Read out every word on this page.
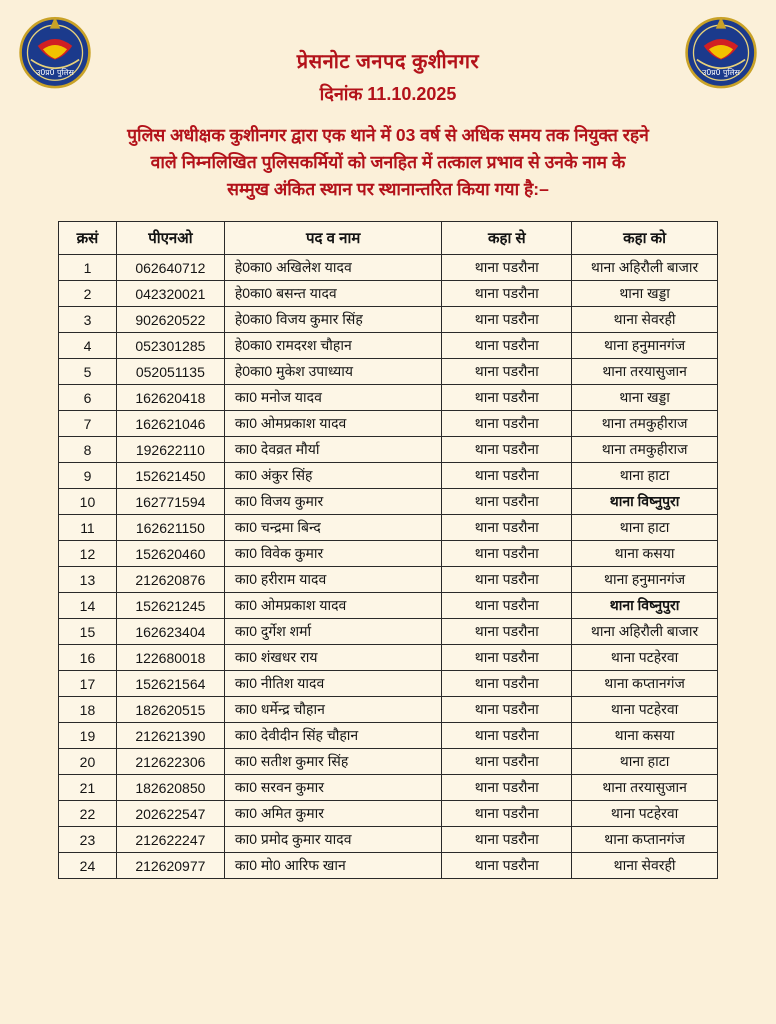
उ0प्र0 पुलिस	उ0प्र0 पुलिस
प्रेसनोट जनपद कुशीनगर
दिनांक 11.10.2025
पुलिस अधीक्षक कुशीनगर द्वारा एक थाने में 03 वर्ष से अधिक समय तक नियुक्त रहने
वाले निम्नलिखित पुलिसकर्मियों को जनहित में तत्काल प्रभाव से उनके नाम के
सम्मुख अंकित स्थान पर स्थानान्तरित किया गया है:–
क्रसं	पीएनओ	पद व नाम	कहा से	कहा को
1	062640712	हे0का0 अखिलेश यादव	थाना पडरौना	थाना अहिरौली बाजार
2	042320021	हे0का0 बसन्त यादव	थाना पडरौना	थाना खड्डा
3	902620522	हे0का0 विजय कुमार सिंह	थाना पडरौना	थाना सेवरही
4	052301285	हे0का0 रामदरश चौहान	थाना पडरौना	थाना हनुमानगंज
5	052051135	हे0का0 मुकेश उपाध्याय	थाना पडरौना	थाना तरयासुजान
6	162620418	का0 मनोज यादव	थाना पडरौना	थाना खड्डा
7	162621046	का0 ओमप्रकाश यादव	थाना पडरौना	थाना तमकुहीराज
8	192622110	का0 देवव्रत मौर्या	थाना पडरौना	थाना तमकुहीराज
9	152621450	का0 अंकुर सिंह	थाना पडरौना	थाना हाटा
10	162771594	का0 विजय कुमार	थाना पडरौना	थाना विष्नुपुरा
11	162621150	का0 चन्द्रमा बिन्द	थाना पडरौना	थाना हाटा
12	152620460	का0 विवेक कुमार	थाना पडरौना	थाना कसया
13	212620876	का0 हरीराम यादव	थाना पडरौना	थाना हनुमानगंज
14	152621245	का0 ओमप्रकाश यादव	थाना पडरौना	थाना विष्नुपुरा
15	162623404	का0 दुर्गेश शर्मा	थाना पडरौना	थाना अहिरौली बाजार
16	122680018	का0 शंखधर राय	थाना पडरौना	थाना पटहेरवा
17	152621564	का0 नीतिश यादव	थाना पडरौना	थाना कप्तानगंज
18	182620515	का0 धर्मेन्द्र चौहान	थाना पडरौना	थाना पटहेरवा
19	212621390	का0 देवीदीन सिंह चौहान	थाना पडरौना	थाना कसया
20	212622306	का0 सतीश कुमार सिंह	थाना पडरौना	थाना हाटा
21	182620850	का0 सरवन कुमार	थाना पडरौना	थाना तरयासुजान
22	202622547	का0 अमित कुमार	थाना पडरौना	थाना पटहेरवा
23	212622247	का0 प्रमोद कुमार यादव	थाना पडरौना	थाना कप्तानगंज
24	212620977	का0 मो0 आरिफ खान	थाना पडरौना	थाना सेवरही
